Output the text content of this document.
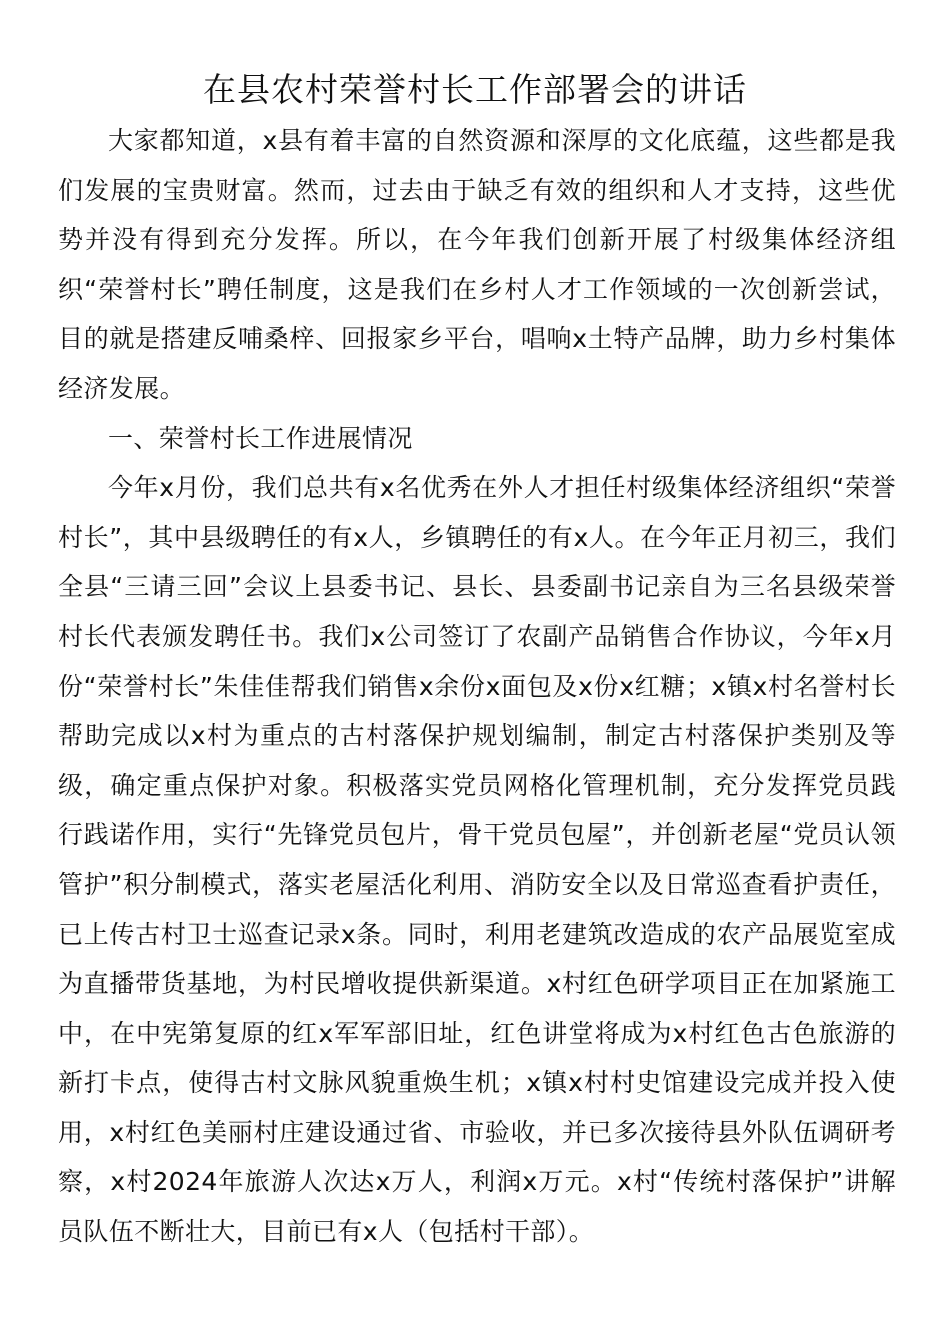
在县农村荣誉村长工作部署会的讲话

大家都知道，x县有着丰富的自然资源和深厚的文化底蕴，这些都是我们发展的宝贵财富。然而，过去由于缺乏有效的组织和人才支持，这些优势并没有得到充分发挥。所以，在今年我们创新开展了村级集体经济组织“荣誉村长”聘任制度，这是我们在乡村人才工作领域的一次创新尝试，目的就是搭建反哺桑梓、回报家乡平台，唱响x土特产品牌，助力乡村集体经济发展。

一、荣誉村长工作进展情况

今年x月份，我们总共有x名优秀在外人才担任村级集体经济组织“荣誉村长”，其中县级聘任的有x人，乡镇聘任的有x人。在今年正月初三，我们全县“三请三回”会议上县委书记、县长、县委副书记亲自为三名县级荣誉村长代表颁发聘任书。我们x公司签订了农副产品销售合作协议，今年x月份“荣誉村长”朱佳佳帮我们销售x余份x面包及x份x红糖；x镇x村名誉村长帮助完成以x村为重点的古村落保护规划编制，制定古村落保护类别及等级，确定重点保护对象。积极落实党员网格化管理机制，充分发挥党员践行践诺作用，实行“先锋党员包片，骨干党员包屋”，并创新老屋“党员认领管护”积分制模式，落实老屋活化利用、消防安全以及日常巡查看护责任，已上传古村卫士巡查记录x条。同时，利用老建筑改造成的农产品展览室成为直播带货基地，为村民增收提供新渠道。x村红色研学项目正在加紧施工中，在中宪第复原的红x军军部旧址，红色讲堂将成为x村红色古色旅游的新打卡点，使得古村文脉风貌重焕生机；x镇x村村史馆建设完成并投入使用，x村红色美丽村庄建设通过省、市验收，并已多次接待县外队伍调研考察，x村2024年旅游人次达x万人，利润x万元。x村“传统村落保护”讲解员队伍不断壮大，目前已有x人（包括村干部）。
